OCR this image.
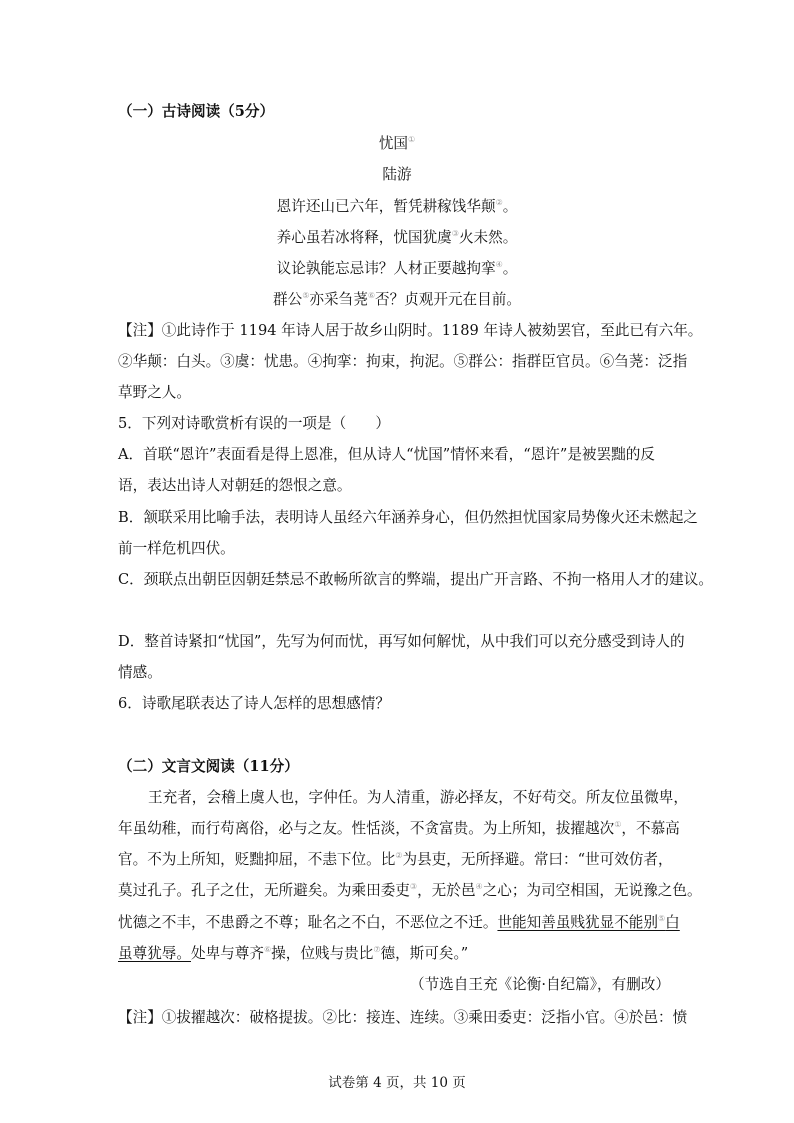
（一）古诗阅读（5分）
忧国①
陆游
恩许还山已六年，暂凭耕稼饯华颠②。
养心虽若冰将释，忧国犹虞③火未然。
议论孰能忘忌讳？人材正要越拘挛④。
群公⑤亦采刍荛⑥否？贞观开元在目前。
【注】①此诗作于 1194 年诗人居于故乡山阴时。1189 年诗人被劾罢官，至此已有六年。
②华颠：白头。③虞：忧患。④拘挛：拘束，拘泥。⑤群公：指群臣官员。⑥刍荛：泛指
草野之人。
5．下列对诗歌赏析有误的一项是（　　）
A．首联“恩许”表面看是得上恩准，但从诗人“忧国”情怀来看，“恩许”是被罢黜的反
语，表达出诗人对朝廷的怨恨之意。
B．颔联采用比喻手法，表明诗人虽经六年涵养身心，但仍然担忧国家局势像火还未燃起之
前一样危机四伏。
C．颈联点出朝臣因朝廷禁忌不敢畅所欲言的弊端，提出广开言路、不拘一格用人才的建议。
D．整首诗紧扣“忧国”，先写为何而忧，再写如何解忧，从中我们可以充分感受到诗人的
情感。
6．诗歌尾联表达了诗人怎样的思想感情？
（二）文言文阅读（11分）
王充者，会稽上虞人也，字仲任。为人清重，游必择友，不好苟交。所友位虽微卑，
年虽幼稚，而行苟离俗，必与之友。性恬淡，不贪富贵。为上所知，拔擢越次①，不慕高
官。不为上所知，贬黜抑屈，不恚下位。比②为县吏，无所择避。常曰：“世可效仿者，
莫过孔子。孔子之仕，无所避矣。为乘田委吏③，无於邑④之心；为司空相国，无说豫之色。
忧德之不丰，不患爵之不尊；耻名之不白，不恶位之不迁。世能知善虽贱犹显不能别⑤白
虽尊犹辱。处卑与尊齐⑥操，位贱与贵比⑦德，斯可矣。”
（节选自王充《论衡·自纪篇》，有删改）
【注】①拔擢越次：破格提拔。②比：接连、连续。③乘田委吏：泛指小官。④於邑：愤
试卷第 4 页，共 10 页
